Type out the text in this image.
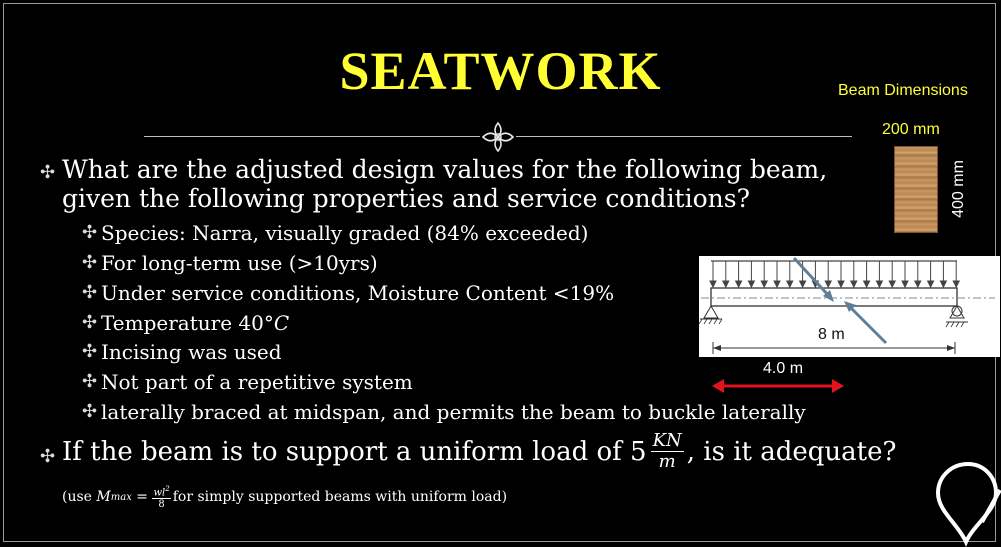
SEATWORK	Beam Dimensions
200 mm
400 mm
✣ What are the adjusted design values for the following beam,
given the following properties and service conditions?
✣ Species: Narra, visually graded (84% exceeded)
✣ For long-term use (>10yrs)
✣ Under service conditions, Moisture Content <19%
✣ Temperature 40°C
✣ Incising was used
✣ Not part of a repetitive system
✣ laterally braced at midspan, and permits the beam to buckle laterally
✣ If the beam is to support a uniform load of $5 \frac{KN}{m}$ , is it adequate?
(use M $\max = \frac{wl^2}{8}$ for simply supported beams with uniform load)
8 m
4.0 m
